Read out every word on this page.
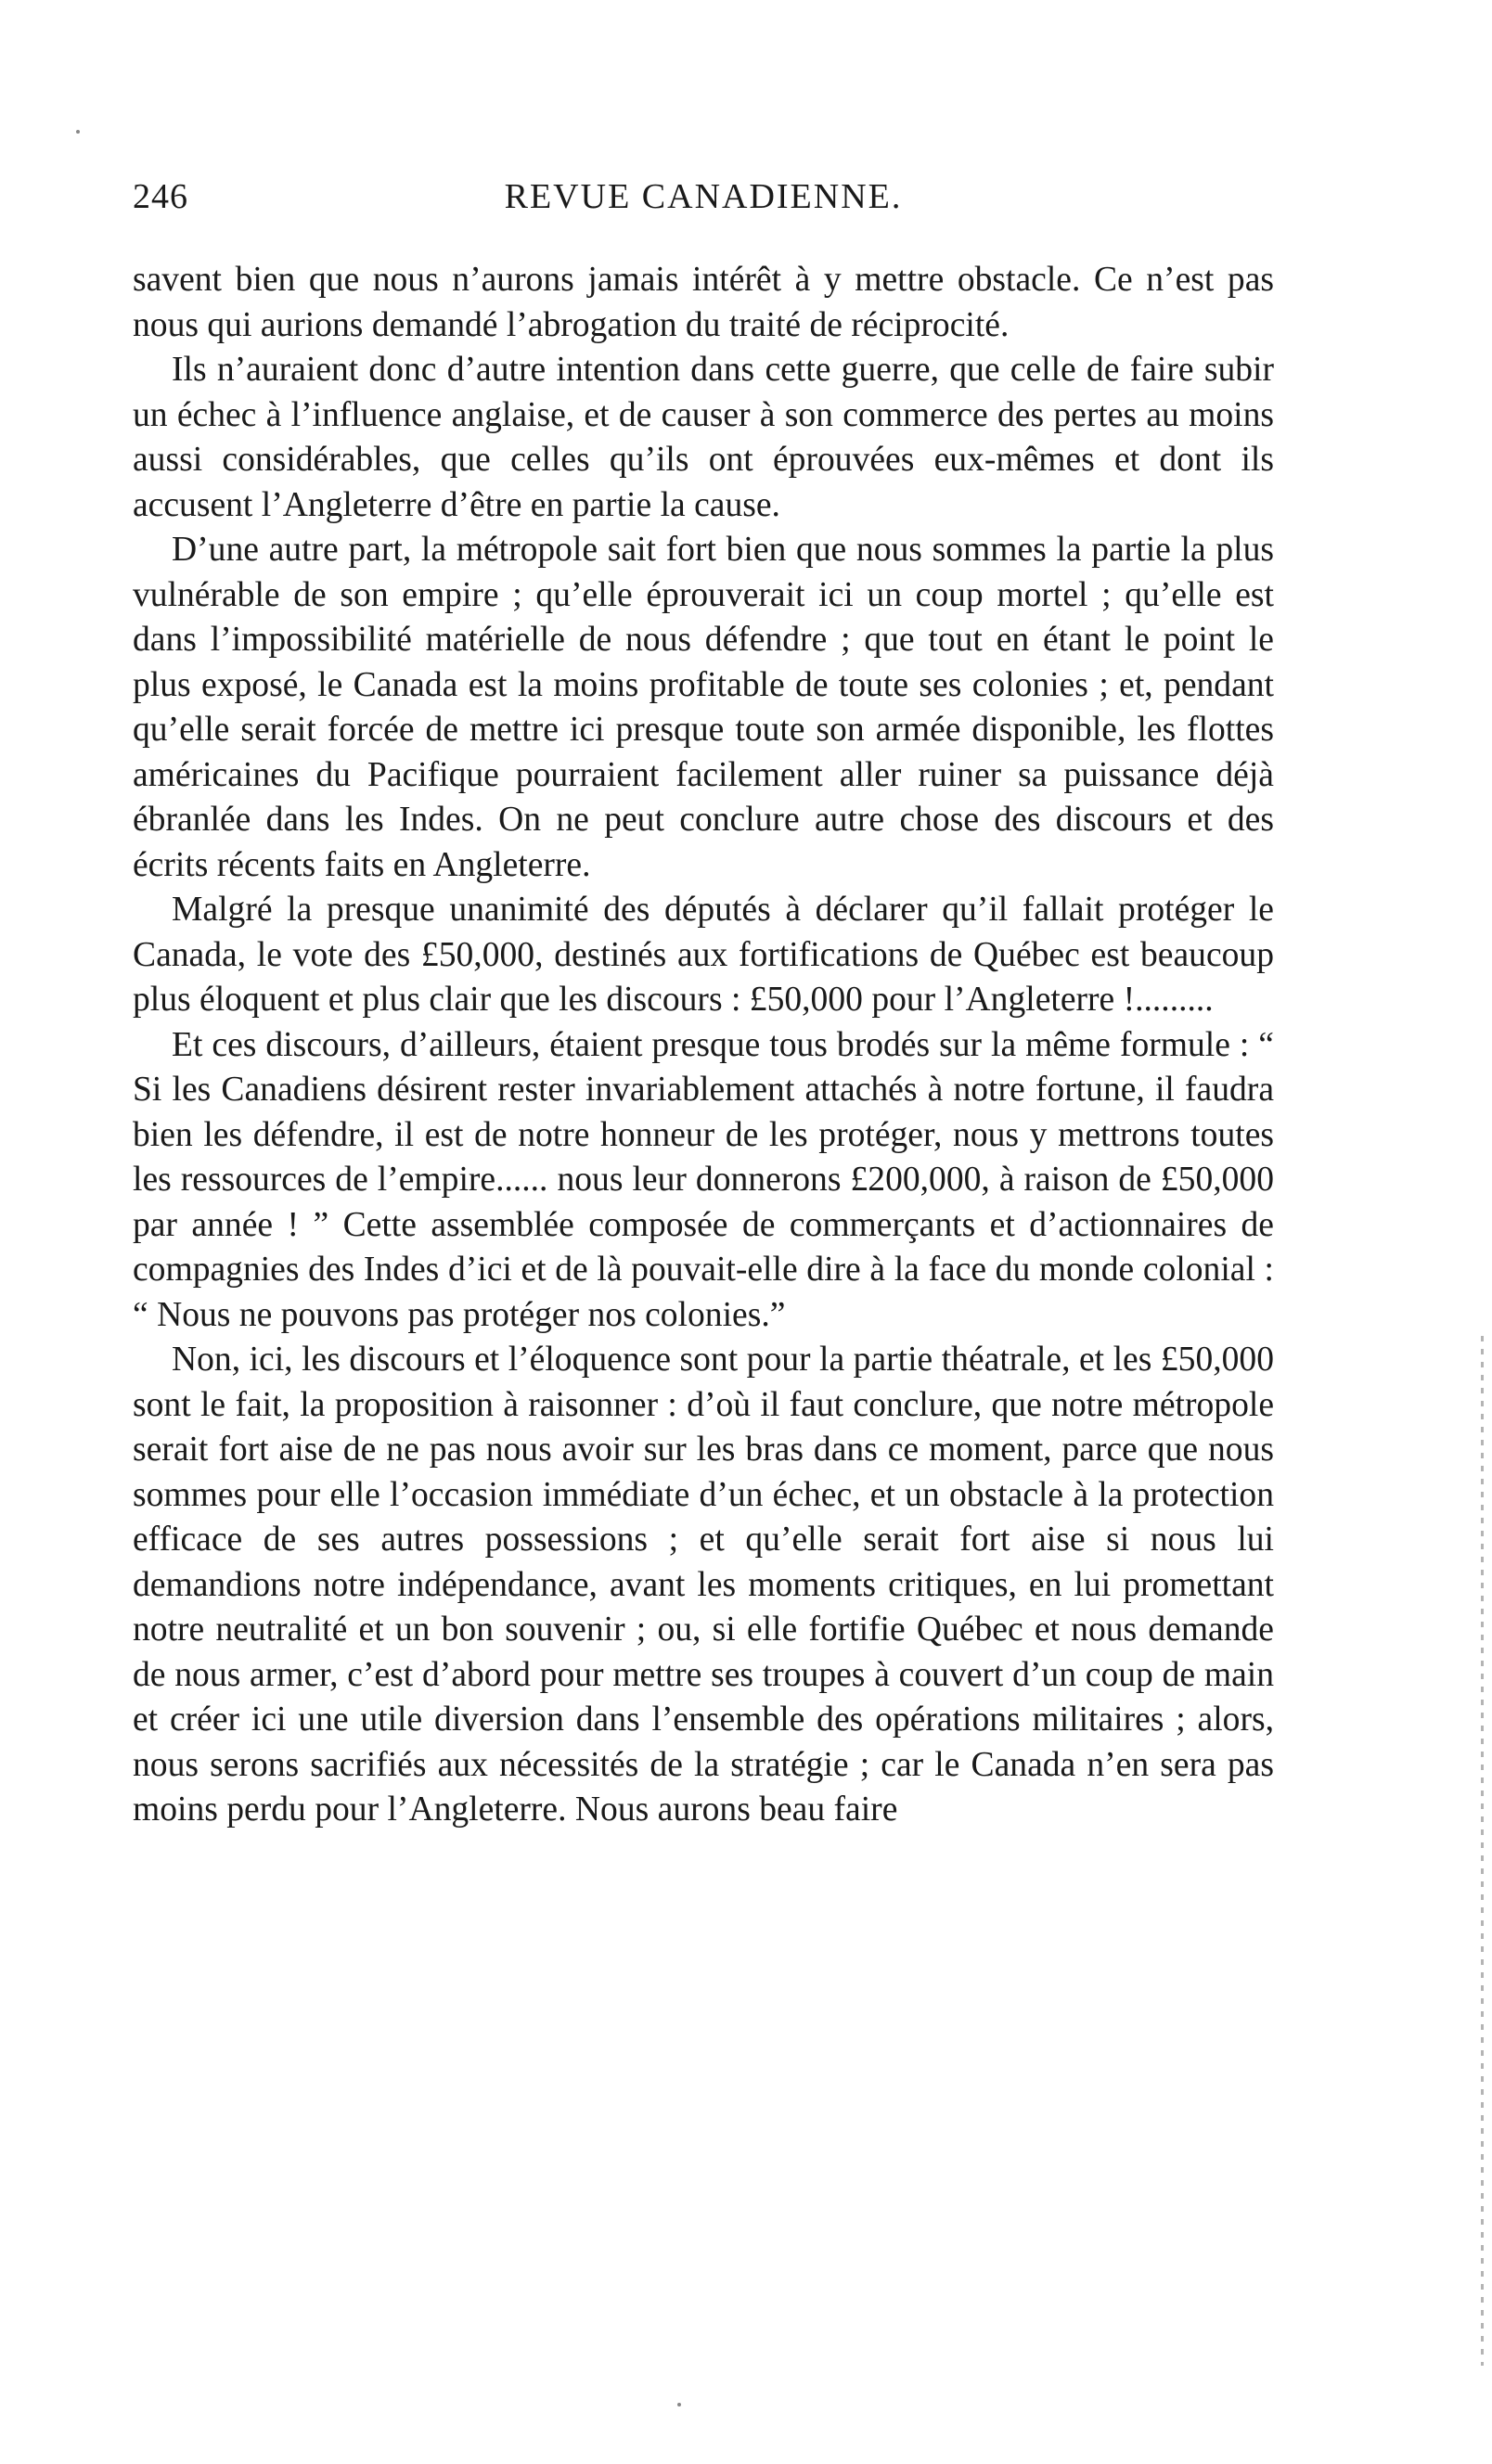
246	REVUE CANADIENNE.

savent bien que nous n’aurons jamais intérêt à y mettre obstacle. Ce n’est pas nous qui aurions demandé l’abrogation du traité de réciprocité.

Ils n’auraient donc d’autre intention dans cette guerre, que celle de faire subir un échec à l’influence anglaise, et de causer à son commerce des pertes au moins aussi considérables, que celles qu’ils ont éprouvées eux-mêmes et dont ils accusent l’Angleterre d’être en partie la cause.

D’une autre part, la métropole sait fort bien que nous sommes la partie la plus vulnérable de son empire ; qu’elle éprouverait ici un coup mortel ; qu’elle est dans l’impossibilité matérielle de nous défendre ; que tout en étant le point le plus exposé, le Canada est la moins profitable de toute ses colonies ; et, pendant qu’elle serait forcée de mettre ici presque toute son armée disponible, les flottes américaines du Pacifique pourraient facilement aller ruiner sa puissance déjà ébranlée dans les Indes. On ne peut conclure autre chose des discours et des écrits récents faits en Angleterre.

Malgré la presque unanimité des députés à déclarer qu’il fallait protéger le Canada, le vote des £50,000, destinés aux fortifications de Québec est beaucoup plus éloquent et plus clair que les discours : £50,000 pour l’Angleterre !.........

Et ces discours, d’ailleurs, étaient presque tous brodés sur la même formule : “ Si les Canadiens désirent rester invariablement attachés à notre fortune, il faudra bien les défendre, il est de notre honneur de les protéger, nous y mettrons toutes les ressources de l’empire...... nous leur donnerons £200,000, à raison de £50,000 par année ! ” Cette assemblée composée de commerçants et d’actionnaires de compagnies des Indes d’ici et de là pouvait-elle dire à la face du monde colonial : “ Nous ne pouvons pas protéger nos colonies.”

Non, ici, les discours et l’éloquence sont pour la partie théatrale, et les £50,000 sont le fait, la proposition à raisonner : d’où il faut conclure, que notre métropole serait fort aise de ne pas nous avoir sur les bras dans ce moment, parce que nous sommes pour elle l’occasion immédiate d’un échec, et un obstacle à la protection efficace de ses autres possessions ; et qu’elle serait fort aise si nous lui demandions notre indépendance, avant les moments critiques, en lui promettant notre neutralité et un bon souvenir ; ou, si elle fortifie Québec et nous demande de nous armer, c’est d’abord pour mettre ses troupes à couvert d’un coup de main et créer ici une utile diversion dans l’ensemble des opérations militaires ; alors, nous serons sacrifiés aux nécessités de la stratégie ; car le Canada n’en sera pas moins perdu pour l’Angleterre. Nous aurons beau faire
